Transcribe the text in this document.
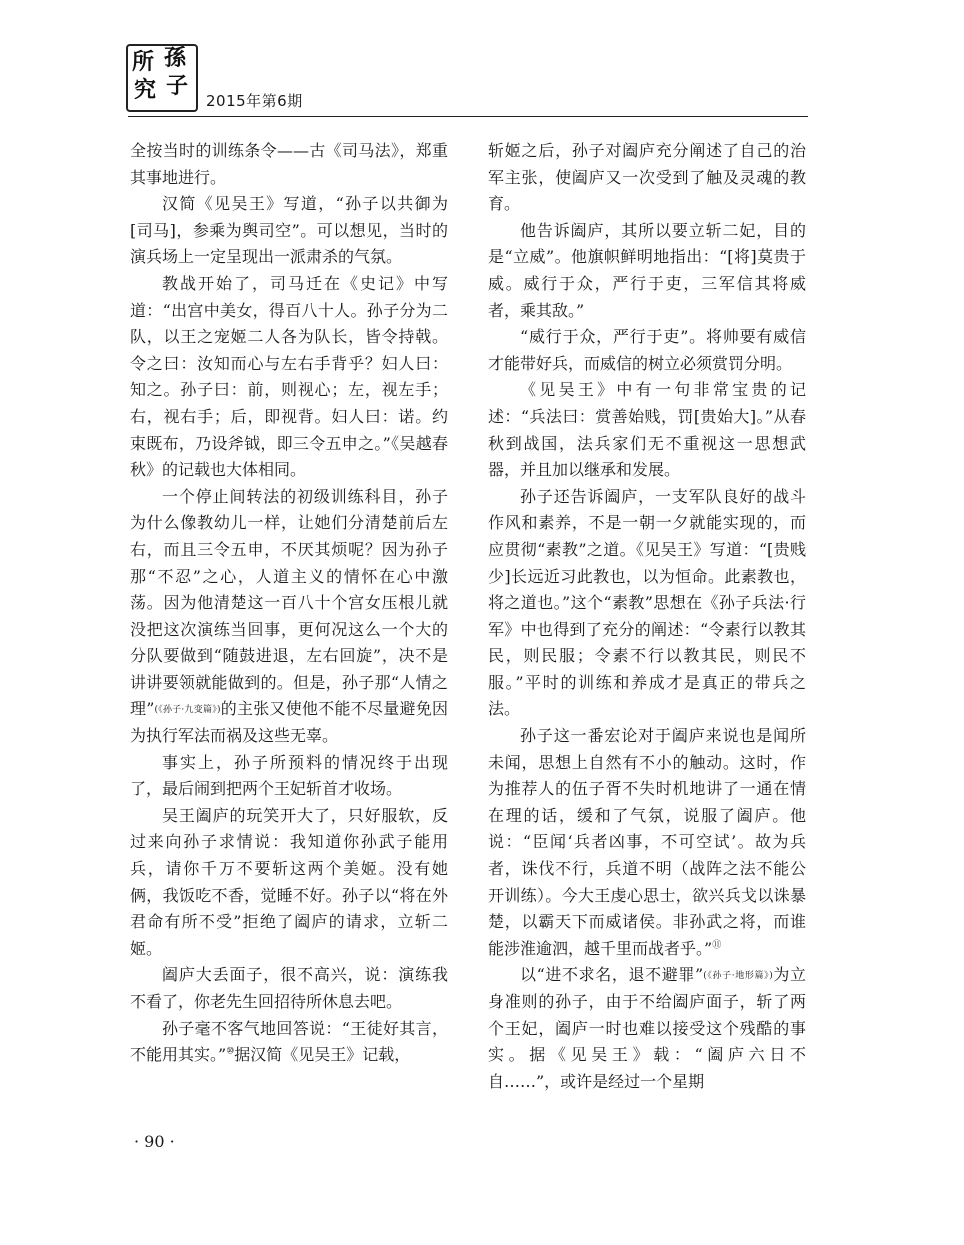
所 孫
究 子
2015年第6期

全按当时的训练条令——古《司马法》，郑重其事地进行。

汉简《见吴王》写道，“孙子以共御为[司马]，参乘为舆司空”。可以想见，当时的演兵场上一定呈现出一派肃杀的气氛。

教战开始了，司马迁在《史记》中写道：“出宫中美女，得百八十人。孙子分为二队，以王之宠姬二人各为队长，皆令持戟。令之曰：汝知而心与左右手背乎？妇人曰：知之。孙子曰：前，则视心；左，视左手；右，视右手；后，即视背。妇人曰：诺。约束既布，乃设斧钺，即三令五申之。”《吴越春秋》的记载也大体相同。

一个停止间转法的初级训练科目，孙子为什么像教幼儿一样，让她们分清楚前后左右，而且三令五申，不厌其烦呢？因为孙子那“不忍”之心，人道主义的情怀在心中激荡。因为他清楚这一百八十个宫女压根儿就没把这次演练当回事，更何况这么一个大的分队要做到“随鼓进退，左右回旋”，决不是讲讲要领就能做到的。但是，孙子那“人情之理”(《孙子·九变篇》)的主张又使他不能不尽量避免因为执行军法而祸及这些无辜。

事实上，孙子所预料的情况终于出现了，最后闹到把两个王妃斩首才收场。

吴王阖庐的玩笑开大了，只好服软，反过来向孙子求情说：我知道你孙武子能用兵，请你千万不要斩这两个美姬。没有她俩，我饭吃不香，觉睡不好。孙子以“将在外君命有所不受”拒绝了阖庐的请求，立斩二姬。

阖庐大丢面子，很不高兴，说：演练我不看了，你老先生回招待所休息去吧。

孙子毫不客气地回答说：“王徒好其言，不能用其实。”⑩据汉简《见吴王》记载，

斩姬之后，孙子对阖庐充分阐述了自己的治军主张，使阖庐又一次受到了触及灵魂的教育。

他告诉阖庐，其所以要立斩二妃，目的是“立威”。他旗帜鲜明地指出：“[将]莫贵于威。威行于众，严行于吏，三军信其将威者，乘其敌。”

“威行于众，严行于吏”。将帅要有威信才能带好兵，而威信的树立必须赏罚分明。

《见吴王》中有一句非常宝贵的记述：“兵法曰：赏善始贱，罚[贵始大]。”从春秋到战国，法兵家们无不重视这一思想武器，并且加以继承和发展。

孙子还告诉阖庐，一支军队良好的战斗作风和素养，不是一朝一夕就能实现的，而应贯彻“素教”之道。《见吴王》写道：“[贵贱少]长远近习此教也，以为恒命。此素教也，将之道也。”这个“素教”思想在《孙子兵法·行军》中也得到了充分的阐述：“令素行以教其民，则民服；令素不行以教其民，则民不服。”平时的训练和养成才是真正的带兵之法。

孙子这一番宏论对于阖庐来说也是闻所未闻，思想上自然有不小的触动。这时，作为推荐人的伍子胥不失时机地讲了一通在情在理的话，缓和了气氛，说服了阖庐。他说：“臣闻‘兵者凶事，不可空试’。故为兵者，诛伐不行，兵道不明（战阵之法不能公开训练）。今大王虔心思士，欲兴兵戈以诛暴楚，以霸天下而威诸侯。非孙武之将，而谁能涉淮逾泗，越千里而战者乎。”⑪

以“进不求名，退不避罪”(《孙子·地形篇》)为立身准则的孙子，由于不给阖庐面子，斩了两个王妃，阖庐一时也难以接受这个残酷的事实。据《见吴王》载：“阖庐六日不自……”，或许是经过一个星期

· 90 ·
